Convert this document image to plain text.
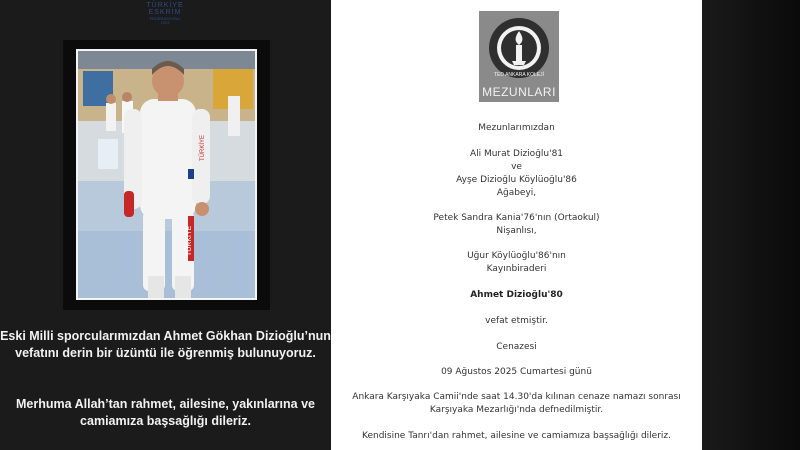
TÜRKİYE
ESKRİM
FEDERASYONU
1923
TÜRKİYE
TÜRKİYE
Eski Milli sporcularımızdan Ahmet Gökhan Dizioğlu’nun vefatını derin bir üzüntü ile öğrenmiş bulunuyoruz.
Merhuma Allah’tan rahmet, ailesine, yakınlarına ve camiamıza başsağlığı dileriz.
TED ANKARA KOLEJİ
MEZUNLARI
Mezunlarımızdan
Ali Murat Dizioğlu'81
ve
Ayşe Dizioğlu Köylüoğlu'86
Ağabeyi,
Petek Sandra Kania'76'nın (Ortaokul)
Nişanlısı,
Uğur Köylüoğlu'86'nın
Kayınbiraderi
Ahmet Dizioğlu'80
vefat etmiştir.
Cenazesi
09 Ağustos 2025 Cumartesi günü
Ankara Karşıyaka Camii'nde saat 14.30'da kılınan cenaze namazı sonrası
Karşıyaka Mezarlığı'nda defnedilmiştir.
Kendisine Tanrı'dan rahmet, ailesine ve camiamıza başsağlığı dileriz.
